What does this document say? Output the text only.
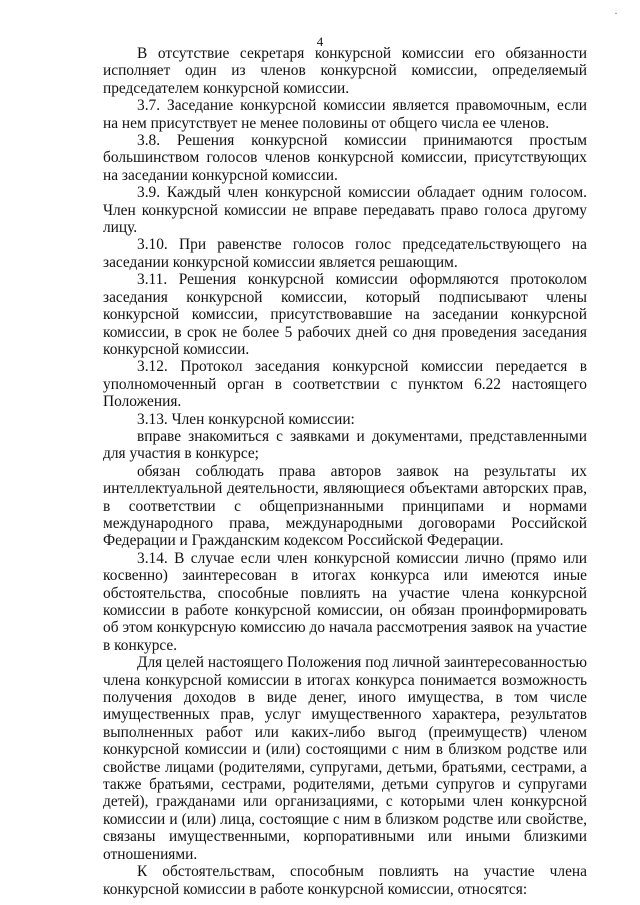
·
4

В отсутствие секретаря конкурсной комиссии его обязанности исполняет один из членов конкурсной комиссии, определяемый председателем конкурсной комиссии.

3.7. Заседание конкурсной комиссии является правомочным, если на нем присутствует не менее половины от общего числа ее членов.

3.8. Решения конкурсной комиссии принимаются простым большинством голосов членов конкурсной комиссии, присутствующих на заседании конкурсной комиссии.

3.9. Каждый член конкурсной комиссии обладает одним голосом. Член конкурсной комиссии не вправе передавать право голоса другому лицу.

3.10. При равенстве голосов голос председательствующего на заседании конкурсной комиссии является решающим.

3.11. Решения конкурсной комиссии оформляются протоколом заседания конкурсной комиссии, который подписывают члены конкурсной комиссии, присутствовавшие на заседании конкурсной комиссии, в срок не более 5 рабочих дней со дня проведения заседания конкурсной комиссии.

3.12. Протокол заседания конкурсной комиссии передается в уполномоченный орган в соответствии с пунктом 6.22 настоящего Положения.

3.13. Член конкурсной комиссии:

вправе знакомиться с заявками и документами, представленными для участия в конкурсе;

обязан соблюдать права авторов заявок на результаты их интеллектуальной деятельности, являющиеся объектами авторских прав, в соответствии с общепризнанными принципами и нормами международного права, международными договорами Российской Федерации и Гражданским кодексом Российской Федерации.

3.14. В случае если член конкурсной комиссии лично (прямо или косвенно) заинтересован в итогах конкурса или имеются иные обстоятельства, способные повлиять на участие члена конкурсной комиссии в работе конкурсной комиссии, он обязан проинформировать об этом конкурсную комиссию до начала рассмотрения заявок на участие в конкурсе.

Для целей настоящего Положения под личной заинтересованностью члена конкурсной комиссии в итогах конкурса понимается возможность получения доходов в виде денег, иного имущества, в том числе имущественных прав, услуг имущественного характера, результатов выполненных работ или каких-либо выгод (преимуществ) членом конкурсной комиссии и (или) состоящими с ним в близком родстве или свойстве лицами (родителями, супругами, детьми, братьями, сестрами, а также братьями, сестрами, родителями, детьми супругов и супругами детей), гражданами или организациями, с которыми член конкурсной комиссии и (или) лица, состоящие с ним в близком родстве или свойстве, связаны имущественными, корпоративными или иными близкими отношениями.

К обстоятельствам, способным повлиять на участие члена конкурсной комиссии в работе конкурсной комиссии, относятся:
